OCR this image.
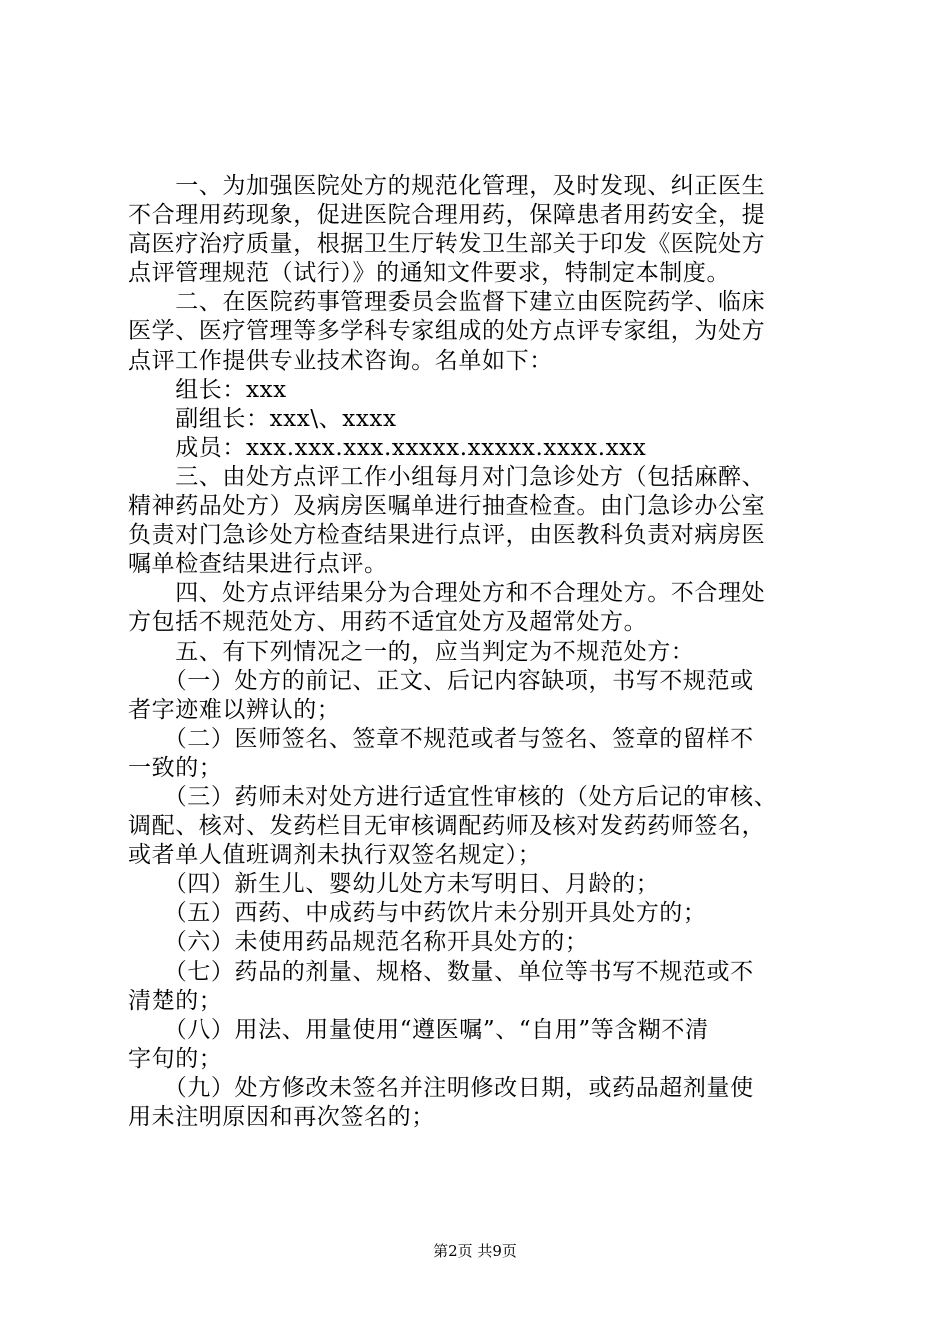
　　一、为加强医院处方的规范化管理，及时发现、纠正医生
不合理用药现象，促进医院合理用药，保障患者用药安全，提
高医疗治疗质量，根据卫生厅转发卫生部关于印发《医院处方
点评管理规范（试行）》的通知文件要求，特制定本制度。
　　二、在医院药事管理委员会监督下建立由医院药学、临床
医学、医疗管理等多学科专家组成的处方点评专家组，为处方
点评工作提供专业技术咨询。名单如下：
　　组长：xxx
　　副组长：xxx\、xxxx
　　成员：xxx.xxx.xxx.xxxxx.xxxxx.xxxx.xxx
　　三、由处方点评工作小组每月对门急诊处方（包括麻醉、
精神药品处方）及病房医嘱单进行抽查检查。由门急诊办公室
负责对门急诊处方检查结果进行点评，由医教科负责对病房医
嘱单检查结果进行点评。
　　四、处方点评结果分为合理处方和不合理处方。不合理处
方包括不规范处方、用药不适宜处方及超常处方。
　　五、有下列情况之一的，应当判定为不规范处方：
　　（一）处方的前记、正文、后记内容缺项，书写不规范或
者字迹难以辨认的；
　　（二）医师签名、签章不规范或者与签名、签章的留样不
一致的；
　　（三）药师未对处方进行适宜性审核的（处方后记的审核、
调配、核对、发药栏目无审核调配药师及核对发药药师签名，
或者单人值班调剂未执行双签名规定）；
　　（四）新生儿、婴幼儿处方未写明日、月龄的；
　　（五）西药、中成药与中药饮片未分别开具处方的；
　　（六）未使用药品规范名称开具处方的；
　　（七）药品的剂量、规格、数量、单位等书写不规范或不
清楚的；
　　（八）用法、用量使用“遵医嘱”、“自用”等含糊不清
字句的；
　　（九）处方修改未签名并注明修改日期，或药品超剂量使
用未注明原因和再次签名的；
第2页 共9页
